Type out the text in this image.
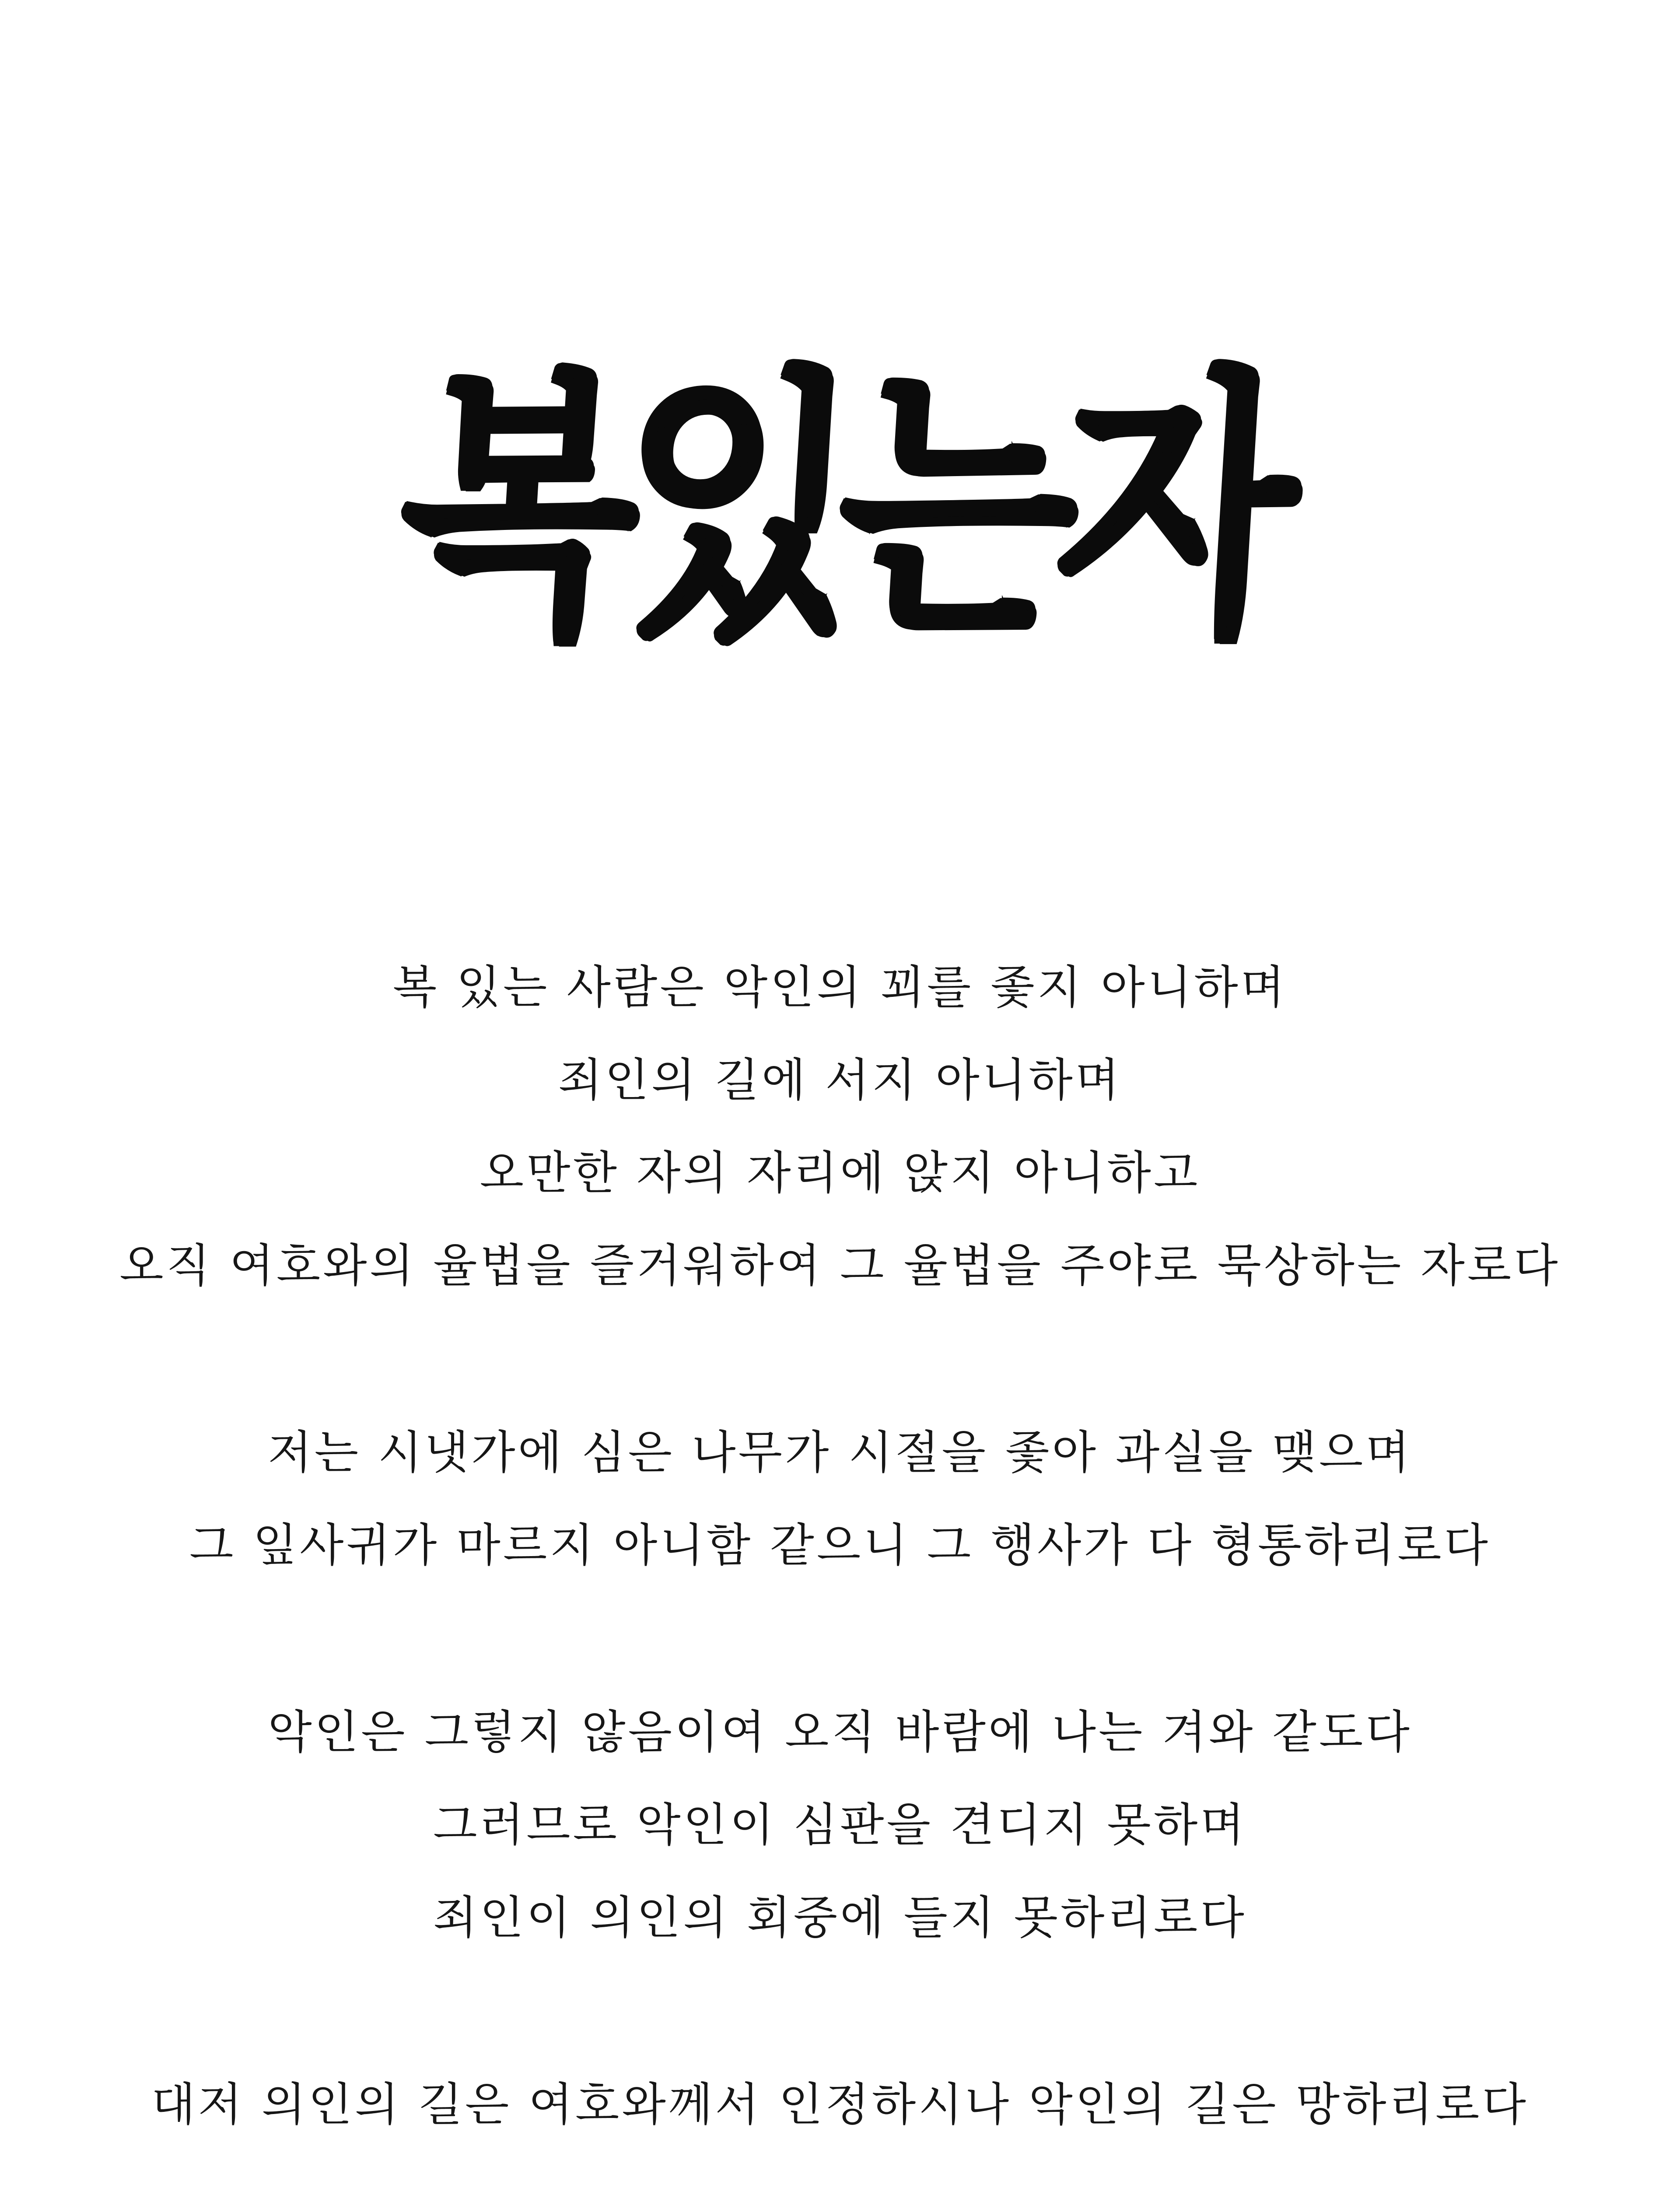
복있는자
복 있는 사람은 악인의 꾀를 좇지 아니하며
죄인의 길에 서지 아니하며
오만한 자의 자리에 앉지 아니하고
오직 여호와의 율법을 즐거워하여 그 율법을 주야로 묵상하는 자로다
저는 시냇가에 심은 나무가 시절을 좇아 과실을 맺으며
그 잎사귀가 마르지 아니함 같으니 그 행사가 다 형통하리로다
악인은 그렇지 않음이여 오직 바람에 나는 겨와 같도다
그러므로 악인이 심판을 견디지 못하며
죄인이 의인의 회중에 들지 못하리로다
대저 의인의 길은 여호와께서 인정하시나 악인의 길은 망하리로다
